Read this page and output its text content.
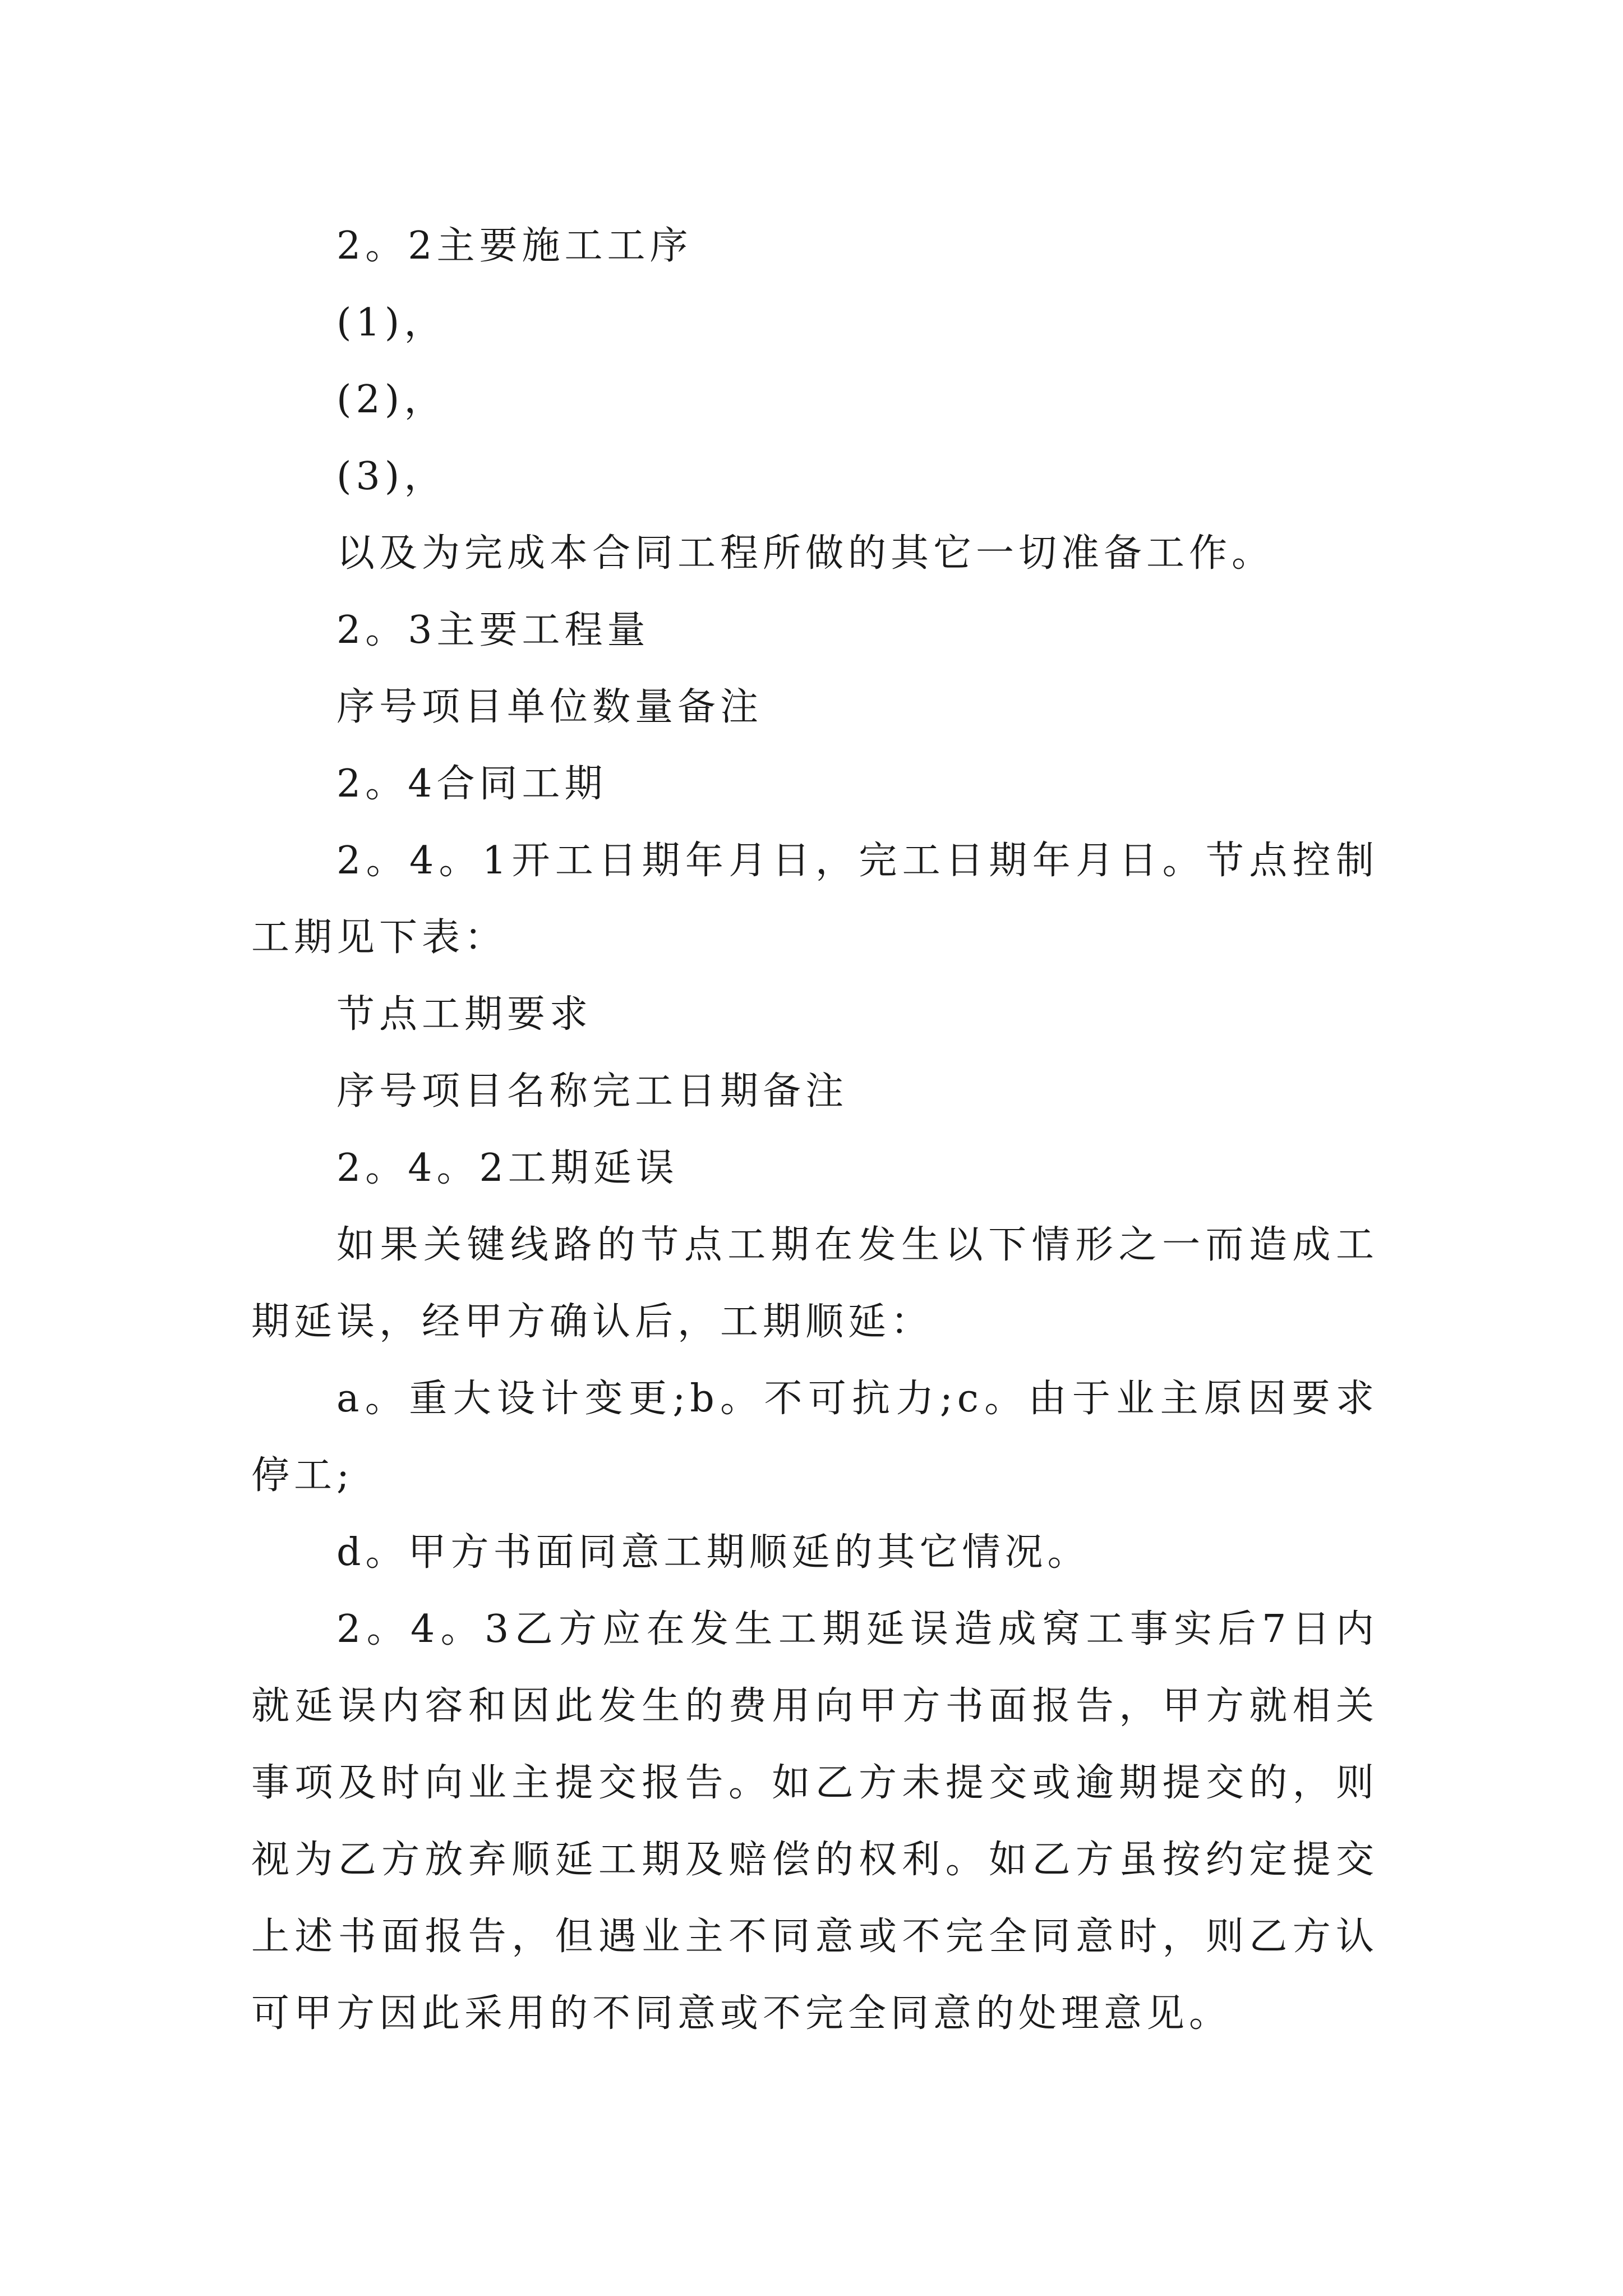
2。2主要施工工序

(1)，

(2)，

(3)，

以及为完成本合同工程所做的其它一切准备工作。

2。3主要工程量

序号项目单位数量备注

2。4合同工期

2。4。1开工日期年月日，完工日期年月日。节点控制工期见下表：

节点工期要求

序号项目名称完工日期备注

2。4。2工期延误

如果关键线路的节点工期在发生以下情形之一而造成工期延误，经甲方确认后，工期顺延：

a。重大设计变更;b。不可抗力;c。由于业主原因要求停工;

d。甲方书面同意工期顺延的其它情况。

2。4。3乙方应在发生工期延误造成窝工事实后7日内就延误内容和因此发生的费用向甲方书面报告，甲方就相关事项及时向业主提交报告。如乙方未提交或逾期提交的，则视为乙方放弃顺延工期及赔偿的权利。如乙方虽按约定提交上述书面报告，但遇业主不同意或不完全同意时，则乙方认可甲方因此采用的不同意或不完全同意的处理意见。
